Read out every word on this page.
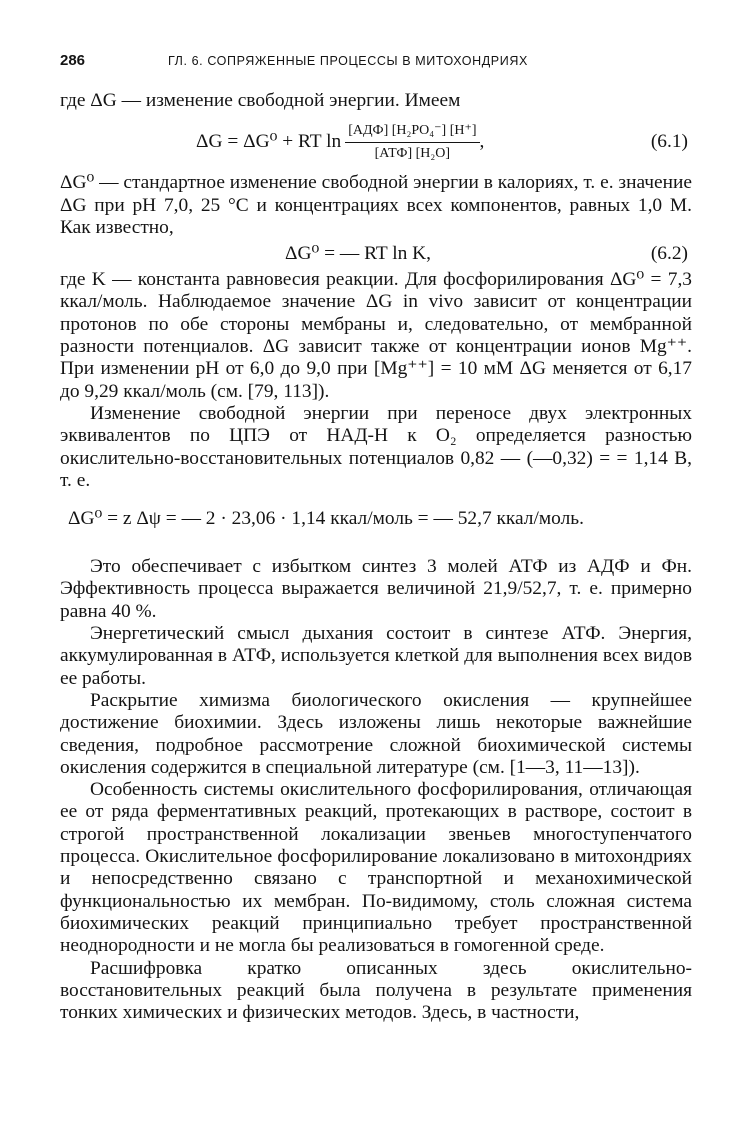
286	ГЛ. 6. СОПРЯЖЕННЫЕ ПРОЦЕССЫ В МИТОХОНДРИЯХ

где ΔG — изменение свободной энергии. Имеем

ΔG = ΔG⁰ + RT $\ln \frac{\text{[АДФ] [H₂PO₄⁻] [H⁺]}}{\text{[АТФ] [H₂O]}}$ ,	(6.1)

ΔG⁰ — стандартное изменение свободной энергии в калориях, т. е. значение ΔG при pH 7,0, 25 °C и концентрациях всех компонентов, равных 1,0 М. Как известно,

ΔG⁰ = — RT ln K,	(6.2)

где K — константа равновесия реакции. Для фосфорилирования ΔG⁰ = 7,3 ккал/моль. Наблюдаемое значение ΔG in vivo зависит от концентрации протонов по обе стороны мембраны и, следовательно, от мембранной разности потенциалов. ΔG зависит также от концентрации ионов Mg⁺⁺. При изменении pH от 6,0 до 9,0 при [Mg⁺⁺] = 10 мМ ΔG меняется от 6,17 до 9,29 ккал/моль (см. [79, 113]).

Изменение свободной энергии при переносе двух электронных эквивалентов по ЦПЭ от НАД-Н к O₂ определяется разностью окислительно-восстановительных потенциалов 0,82 — (—0,32) = = 1,14 В, т. е.

ΔG⁰ = z Δψ = — 2 · 23,06 · 1,14 ккал/моль = — 52,7 ккал/моль.

Это обеспечивает с избытком синтез 3 молей АТФ из АДФ и Фн. Эффективность процесса выражается величиной 21,9/52,7, т. е. примерно равна 40 %.

Энергетический смысл дыхания состоит в синтезе АТФ. Энергия, аккумулированная в АТФ, используется клеткой для выполнения всех видов ее работы.

Раскрытие химизма биологического окисления — крупнейшее достижение биохимии. Здесь изложены лишь некоторые важнейшие сведения, подробное рассмотрение сложной биохимической системы окисления содержится в специальной литературе (см. [1—3, 11—13]).

Особенность системы окислительного фосфорилирования, отличающая ее от ряда ферментативных реакций, протекающих в растворе, состоит в строгой пространственной локализации звеньев многоступенчатого процесса. Окислительное фосфорилирование локализовано в митохондриях и непосредственно связано с транспортной и механохимической функциональностью их мембран. По-видимому, столь сложная система биохимических реакций принципиально требует пространственной неоднородности и не могла бы реализоваться в гомогенной среде.

Расшифровка кратко описанных здесь окислительно-восстановительных реакций была получена в результате применения тонких химических и физических методов. Здесь, в частности,
